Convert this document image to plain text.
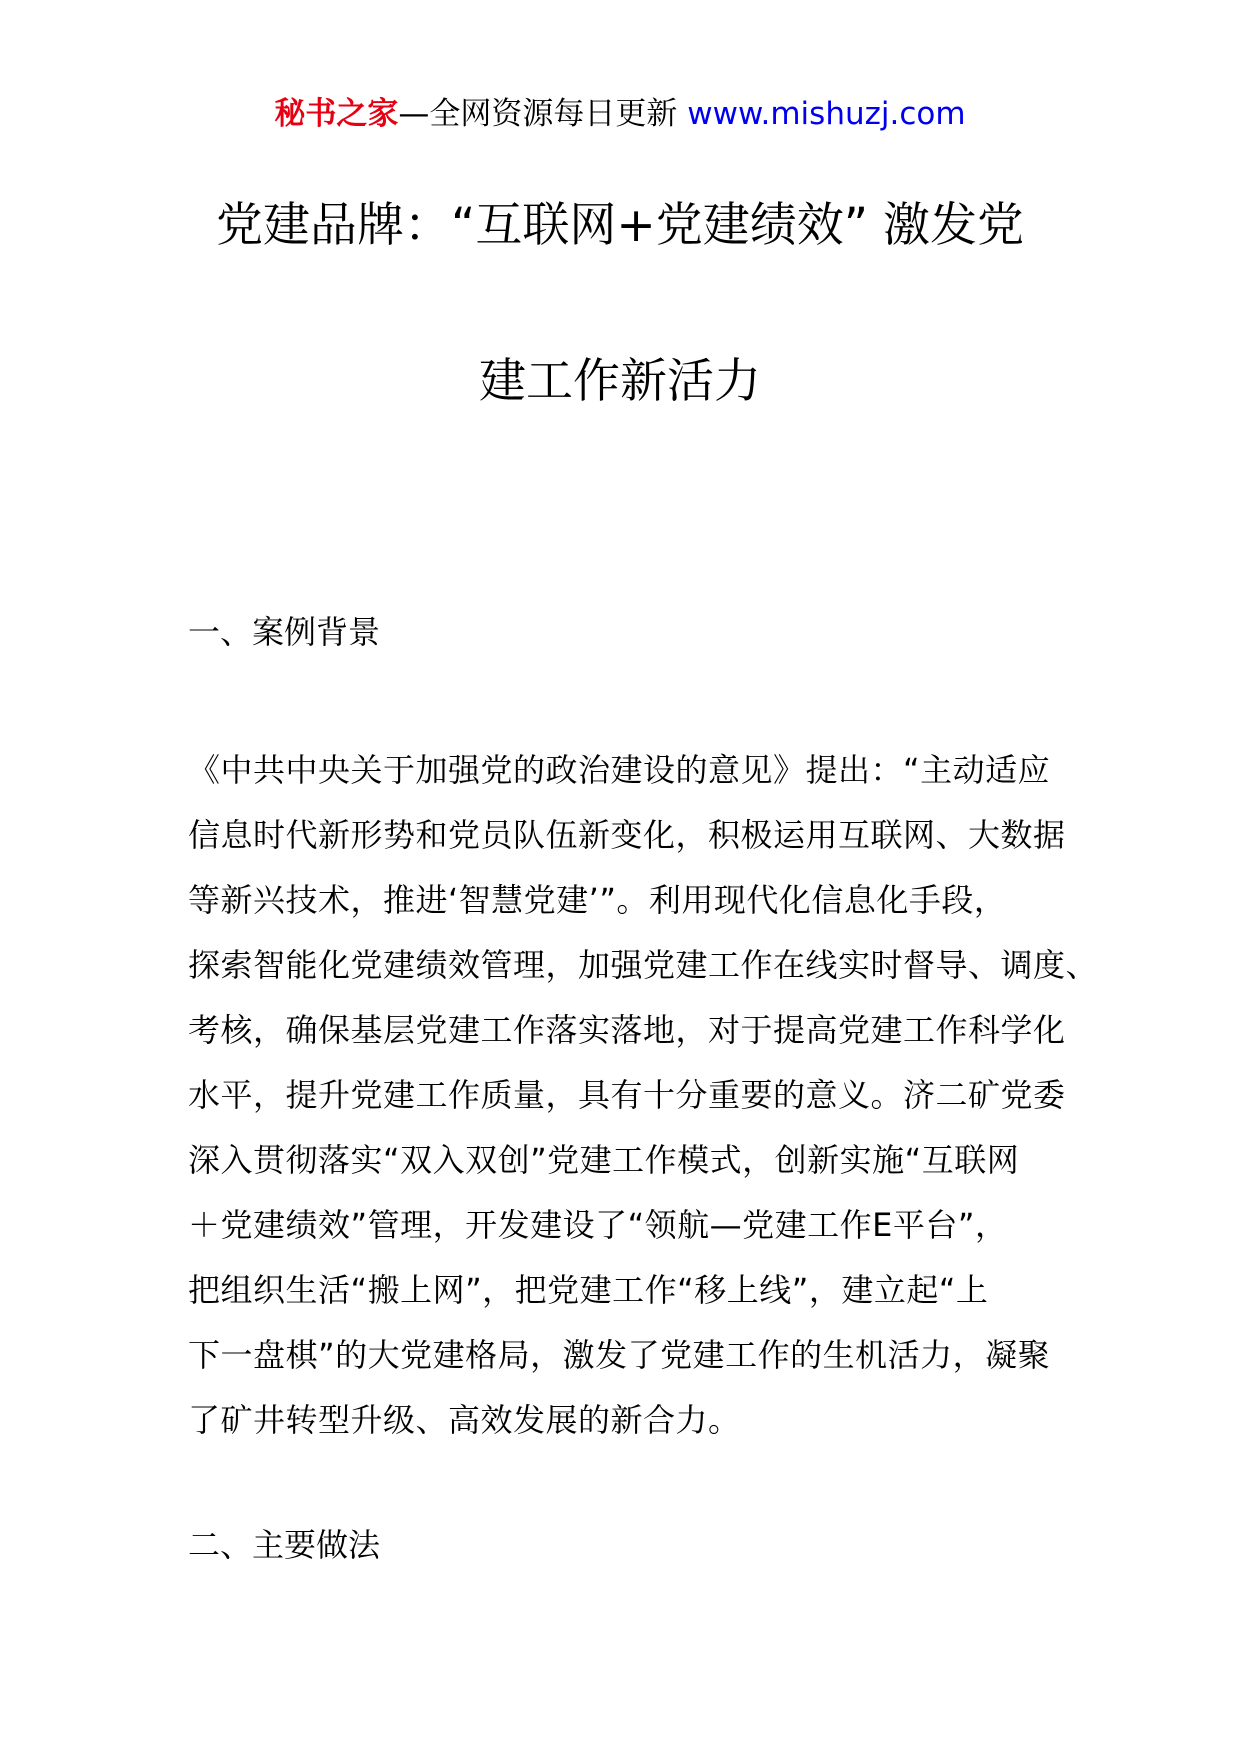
秘书之家—全网资源每日更新 www.mishuzj.com
党建品牌：“互联网+党建绩效” 激发党
建工作新活力
一、案例背景
《中共中央关于加强党的政治建设的意见》提出：“主动适应
信息时代新形势和党员队伍新变化，积极运用互联网、大数据
等新兴技术，推进‘智慧党建’”。利用现代化信息化手段，
探索智能化党建绩效管理，加强党建工作在线实时督导、调度、
考核，确保基层党建工作落实落地，对于提高党建工作科学化
水平，提升党建工作质量，具有十分重要的意义。济二矿党委
深入贯彻落实“双入双创”党建工作模式，创新实施“互联网
＋党建绩效”管理，开发建设了“领航—党建工作E平台”，
把组织生活“搬上网”，把党建工作“移上线”，建立起“上
下一盘棋”的大党建格局，激发了党建工作的生机活力，凝聚
了矿井转型升级、高效发展的新合力。
二、主要做法
